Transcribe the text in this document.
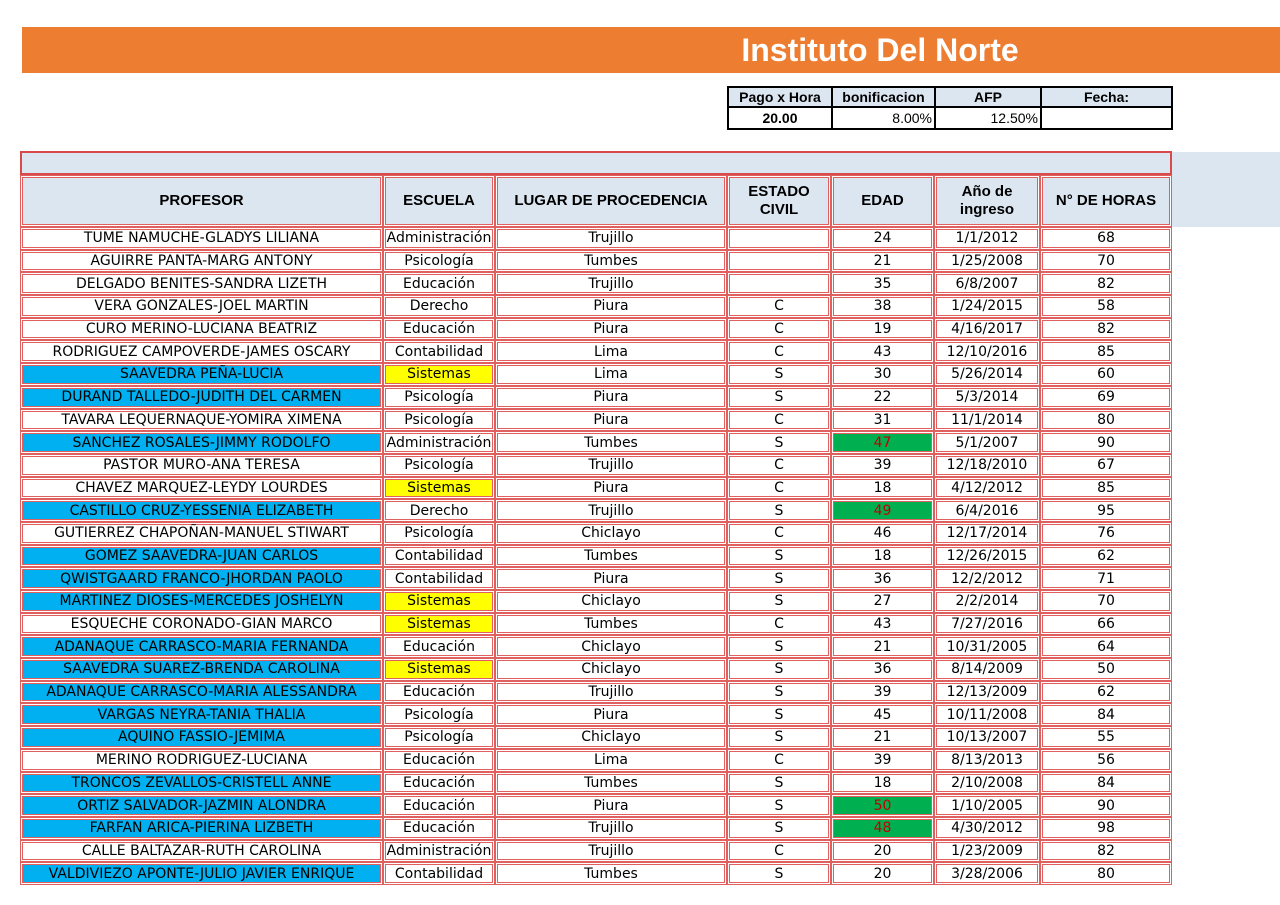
Instituto Del Norte
Pago x Hora	bonificacion	AFP	Fecha:
20.00	8.00%	12.50%	
PROFESOR	ESCUELA	LUGAR DE PROCEDENCIA	ESTADO CIVIL	EDAD	Año de ingreso	N° DE HORAS
TUME NAMUCHE-GLADYS LILIANA	Administración	Trujillo		24	1/1/2012	68
AGUIRRE PANTA-MARG ANTONY	Psicología	Tumbes		21	1/25/2008	70
DELGADO BENITES-SANDRA LIZETH	Educación	Trujillo		35	6/8/2007	82
VERA GONZALES-JOEL MARTIN	Derecho	Piura	C	38	1/24/2015	58
CURO MERINO-LUCIANA BEATRIZ	Educación	Piura	C	19	4/16/2017	82
RODRIGUEZ CAMPOVERDE-JAMES OSCARY	Contabilidad	Lima	C	43	12/10/2016	85
SAAVEDRA PEÑA-LUCIA	Sistemas	Lima	S	30	5/26/2014	60
DURAND TALLEDO-JUDITH DEL CARMEN	Psicología	Piura	S	22	5/3/2014	69
TAVARA LEQUERNAQUE-YOMIRA XIMENA	Psicología	Piura	C	31	11/1/2014	80
SANCHEZ ROSALES-JIMMY RODOLFO	Administración	Tumbes	S	47	5/1/2007	90
PASTOR MURO-ANA TERESA	Psicología	Trujillo	C	39	12/18/2010	67
CHAVEZ MARQUEZ-LEYDY LOURDES	Sistemas	Piura	C	18	4/12/2012	85
CASTILLO CRUZ-YESSENIA ELIZABETH	Derecho	Trujillo	S	49	6/4/2016	95
GUTIERREZ CHAPOÑAN-MANUEL STIWART	Psicología	Chiclayo	C	46	12/17/2014	76
GOMEZ SAAVEDRA-JUAN CARLOS	Contabilidad	Tumbes	S	18	12/26/2015	62
QWISTGAARD FRANCO-JHORDAN PAOLO	Contabilidad	Piura	S	36	12/2/2012	71
MARTINEZ DIOSES-MERCEDES JOSHELYN	Sistemas	Chiclayo	S	27	2/2/2014	70
ESQUECHE CORONADO-GIAN MARCO	Sistemas	Tumbes	C	43	7/27/2016	66
ADANAQUE CARRASCO-MARIA FERNANDA	Educación	Chiclayo	S	21	10/31/2005	64
SAAVEDRA SUAREZ-BRENDA CAROLINA	Sistemas	Chiclayo	S	36	8/14/2009	50
ADANAQUE CARRASCO-MARIA ALESSANDRA	Educación	Trujillo	S	39	12/13/2009	62
VARGAS NEYRA-TANIA THALIA	Psicología	Piura	S	45	10/11/2008	84
AQUINO FASSIO-JEMIMA	Psicología	Chiclayo	S	21	10/13/2007	55
MERINO RODRIGUEZ-LUCIANA	Educación	Lima	C	39	8/13/2013	56
TRONCOS ZEVALLOS-CRISTELL ANNE	Educación	Tumbes	S	18	2/10/2008	84
ORTIZ SALVADOR-JAZMIN ALONDRA	Educación	Piura	S	50	1/10/2005	90
FARFAN ARICA-PIERINA LIZBETH	Educación	Trujillo	S	48	4/30/2012	98
CALLE BALTAZAR-RUTH CAROLINA	Administración	Trujillo	C	20	1/23/2009	82
VALDIVIEZO APONTE-JULIO JAVIER ENRIQUE	Contabilidad	Tumbes	S	20	3/28/2006	80
